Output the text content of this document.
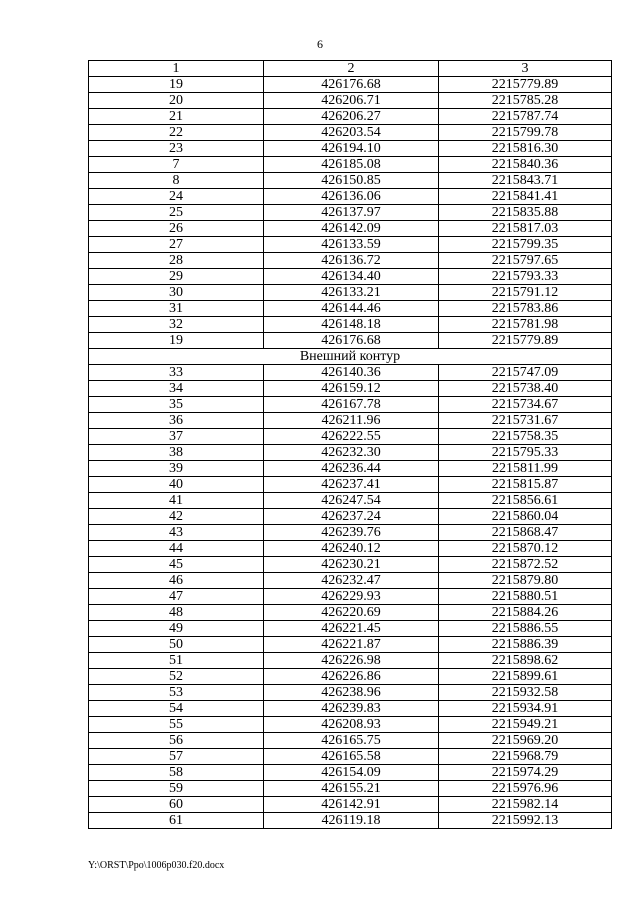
6
1	2	3
19	426176.68	2215779.89
20	426206.71	2215785.28
21	426206.27	2215787.74
22	426203.54	2215799.78
23	426194.10	2215816.30
7	426185.08	2215840.36
8	426150.85	2215843.71
24	426136.06	2215841.41
25	426137.97	2215835.88
26	426142.09	2215817.03
27	426133.59	2215799.35
28	426136.72	2215797.65
29	426134.40	2215793.33
30	426133.21	2215791.12
31	426144.46	2215783.86
32	426148.18	2215781.98
19	426176.68	2215779.89
Внешний контур		
33	426140.36	2215747.09
34	426159.12	2215738.40
35	426167.78	2215734.67
36	426211.96	2215731.67
37	426222.55	2215758.35
38	426232.30	2215795.33
39	426236.44	2215811.99
40	426237.41	2215815.87
41	426247.54	2215856.61
42	426237.24	2215860.04
43	426239.76	2215868.47
44	426240.12	2215870.12
45	426230.21	2215872.52
46	426232.47	2215879.80
47	426229.93	2215880.51
48	426220.69	2215884.26
49	426221.45	2215886.55
50	426221.87	2215886.39
51	426226.98	2215898.62
52	426226.86	2215899.61
53	426238.96	2215932.58
54	426239.83	2215934.91
55	426208.93	2215949.21
56	426165.75	2215969.20
57	426165.58	2215968.79
58	426154.09	2215974.29
59	426155.21	2215976.96
60	426142.91	2215982.14
61	426119.18	2215992.13
Y:\ORST\Ppo\1006p030.f20.docx
